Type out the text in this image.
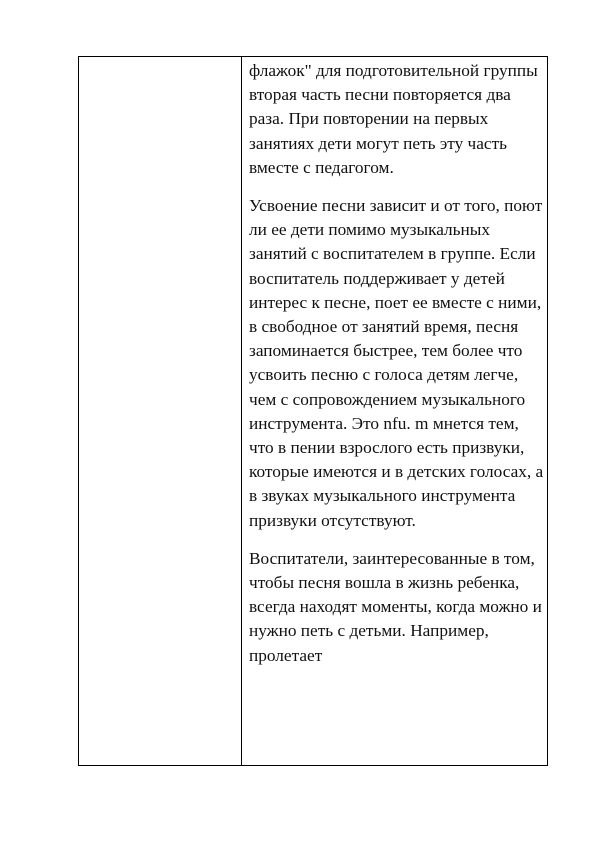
флажок" для подготовительной группы вторая часть песни повторяется два раза. При повторении на первых занятиях дети могут петь эту часть вместе с педагогом.

Усвоение песни зависит и от того, поют ли ее дети помимо музыкальных занятий с воспитателем в группе. Если воспитатель поддерживает у детей интерес к песне, поет ее вместе с ними, в свободное от занятий время, песня запоминается быстрее, тем более что усвоить песню с голоса детям легче, чем с сопровождением музыкального инструмента. Это nfu. m мнется тем, что в пении взрослого есть призвуки, которые имеются и в детских голосах, а в звуках музыкального инструмента призвуки отсутствуют.

Воспитатели, заинтересованные в том, чтобы песня вошла в жизнь ребенка, всегда находят моменты, когда можно и нужно петь с детьми. Например, пролетает
